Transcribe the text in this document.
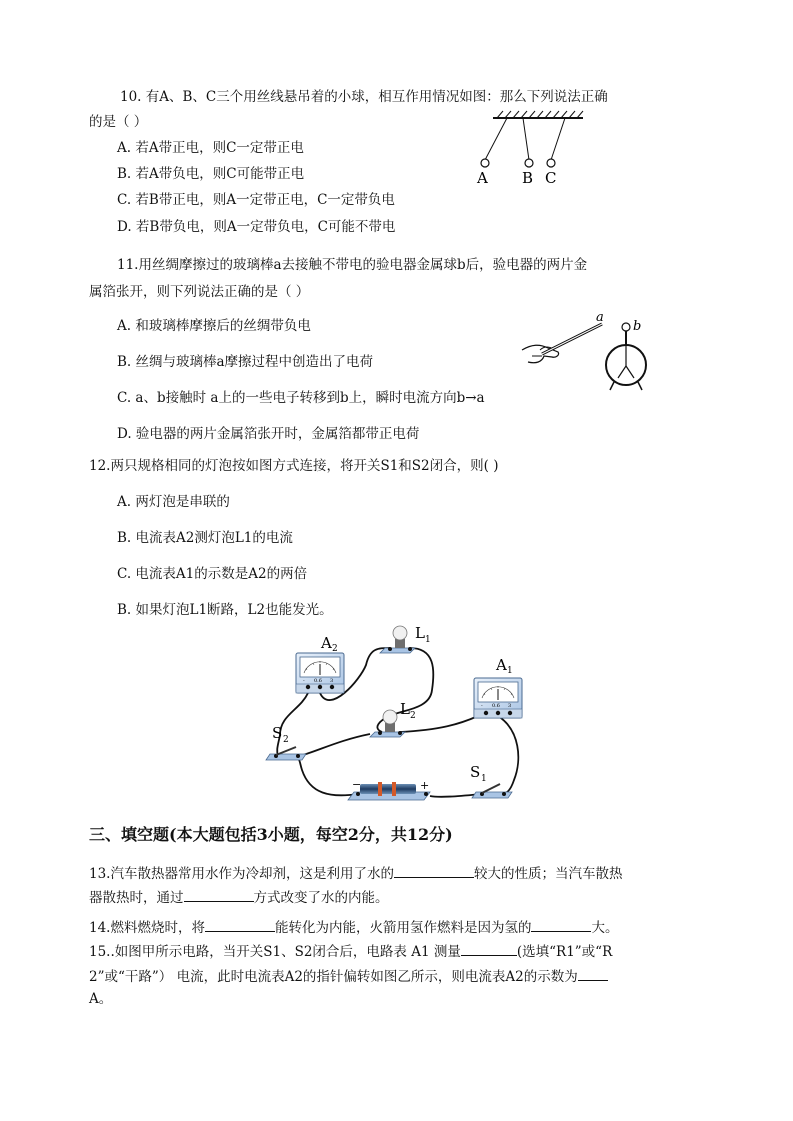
10. 有A、B、C三个用丝线悬吊着的小球，相互作用情况如图：那么下列说法正确
的是（ ）
A. 若A带正电，则C一定带正电
B. 若A带负电，则C可能带正电
C. 若B带正电，则A一定带正电，C一定带负电
D. 若B带负电，则A一定带负电，C可能不带电
A B C
11.用丝绸摩擦过的玻璃棒a去接触不带电的验电器金属球b后，验电器的两片金
属箔张开，则下列说法正确的是（ ）
A. 和玻璃棒摩擦后的丝绸带负电
B. 丝绸与玻璃棒a摩擦过程中创造出了电荷
C. a、b接触时 a上的一些电子转移到b上，瞬时电流方向b→a
D. 验电器的两片金属箔张开时，金属箔都带正电荷
a
b
12.两只规格相同的灯泡按如图方式连接，将开关S1和S2闭合，则( )
A. 两灯泡是串联的
B. 电流表A2测灯泡L1的电流
C. 电流表A1的示数是A2的两倍
B. 如果灯泡L1断路，L2也能发光。
- 0.6 3
A 2
L 1
L 2
- 0.6 3
A 1
S 2
−	+
S 1
三、填空题(本大题包括3小题，每空2分，共12分)
13.汽车散热器常用水作为冷却剂，这是利用了水的	较大的性质；当汽车散热
器散热时，通过	方式改变了水的内能。
14.燃料燃烧时，将	能转化为内能，火箭用氢作燃料是因为氢的	大。
15..如图甲所示电路，当开关S1、S2闭合后，电路表 A1 测量	(选填“R1”或“R
2”或“干路”） 电流，此时电流表A2的指针偏转如图乙所示，则电流表A2的示数为
A。
